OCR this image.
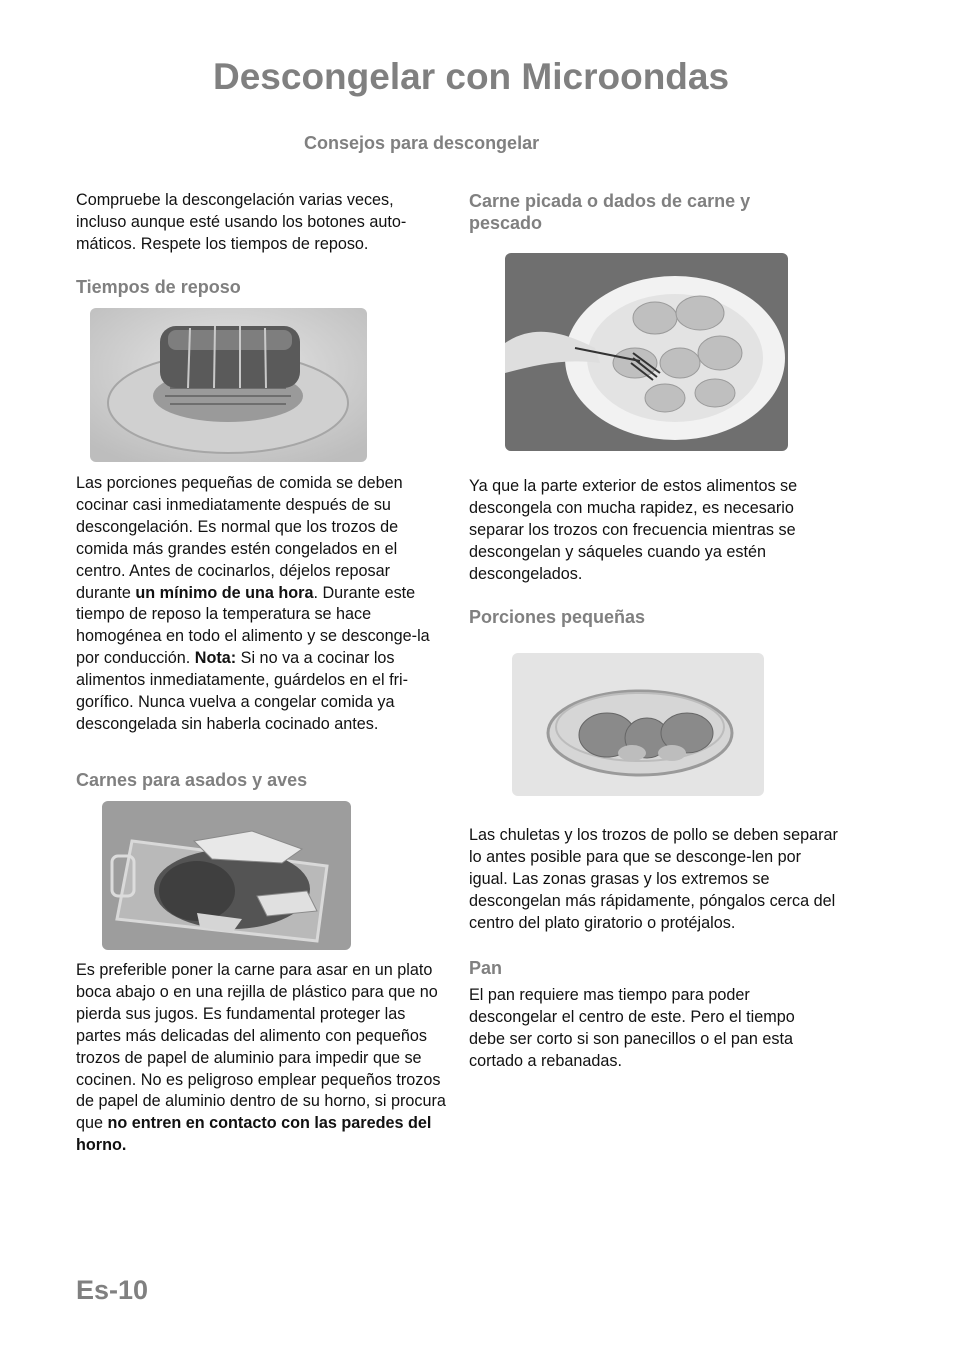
Descongelar con Microondas
Consejos para descongelar

Compruebe la descongelación varias veces, incluso aunque esté usando los botones auto-máticos. Respete los tiempos de reposo.

Tiempos de reposo

Las porciones pequeñas de comida se deben cocinar casi inmediatamente después de su descongelación. Es normal que los trozos de comida más grandes estén congelados en el centro. Antes de cocinarlos, déjelos reposar durante un mínimo de una hora. Durante este tiempo de reposo la temperatura se hace homogénea en todo el alimento y se desconge-la por conducción. Nota: Si no va a cocinar los alimentos inmediatamente, guárdelos en el fri-gorífico. Nunca vuelva a congelar comida ya descongelada sin haberla cocinado antes.

Carnes para asados y aves

Es preferible poner la carne para asar en un plato boca abajo o en una rejilla de plástico para que no pierda sus jugos. Es fundamental proteger las partes más delicadas del alimento con pequeños trozos de papel de aluminio para impedir que se cocinen. No es peligroso emplear pequeños trozos de papel de aluminio dentro de su horno, si procura que no entren en contacto con las paredes del horno.

Carne picada o dados de carne y pescado

Ya que la parte exterior de estos alimentos se descongela con mucha rapidez, es necesario separar los trozos con frecuencia mientras se descongelan y sáqueles cuando ya estén descongelados.

Porciones pequeñas

Las chuletas y los trozos de pollo se deben separar lo antes posible para que se desconge-len por igual. Las zonas grasas y los extremos se descongelan más rápidamente, póngalos cerca del centro del plato giratorio o protéjalos.

Pan

El pan requiere mas tiempo para poder descongelar el centro de este. Pero el tiempo debe ser corto si son panecillos o el pan esta cortado a rebanadas.

Es-10
